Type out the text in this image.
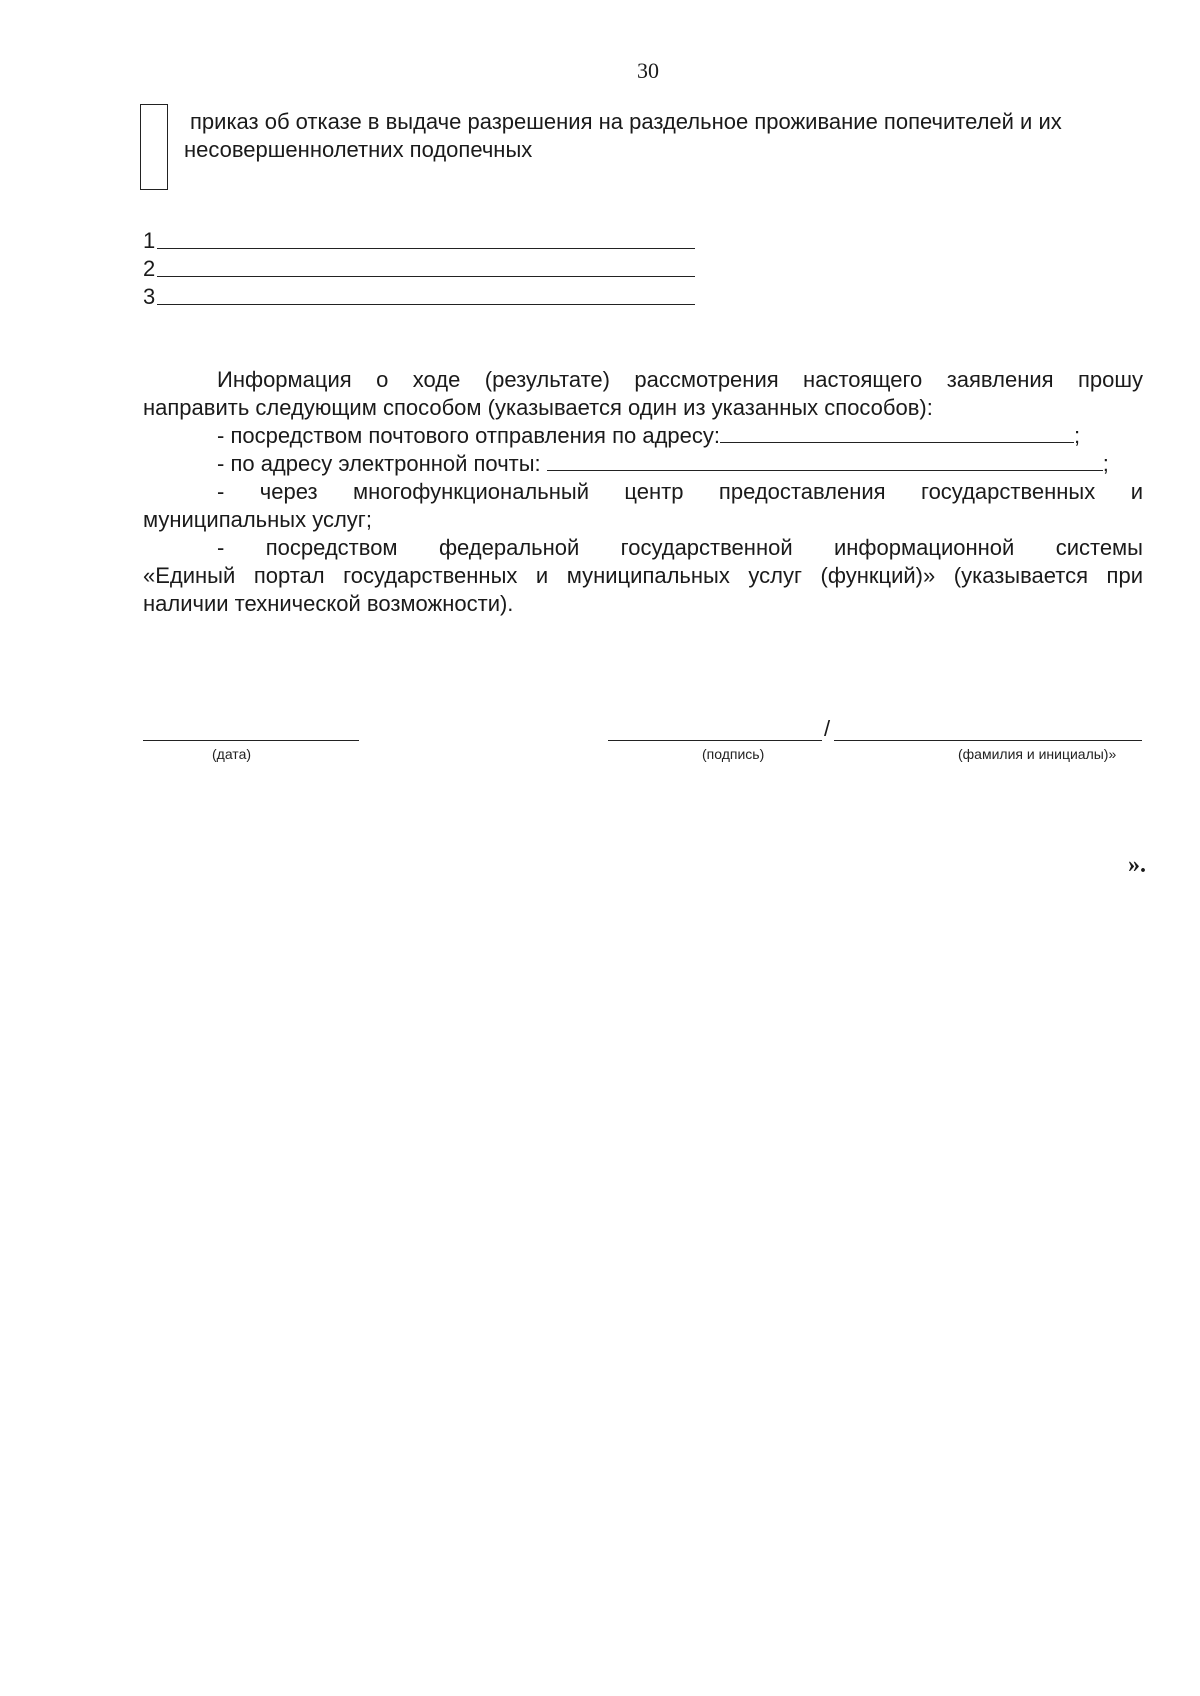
30
приказ об отказе в выдаче разрешения на раздельное проживание попечителей и их
несовершеннолетних подопечных
1
2
3

Информация о ходе (результате) рассмотрения настоящего заявления прошу

направить следующим способом (указывается один из указанных способов):

- посредством почтового отправления по адресу:	;

- по адресу электронной почты:	;

- через многофункциональный центр предоставления государственных и

муниципальных услуг;

- посредством федеральной государственной информационной системы

«Единый портал государственных и муниципальных услуг (функций)» (указывается при

наличии технической возможности).

/
(дата)	(подпись)	(фамилия и инициалы)»
».
